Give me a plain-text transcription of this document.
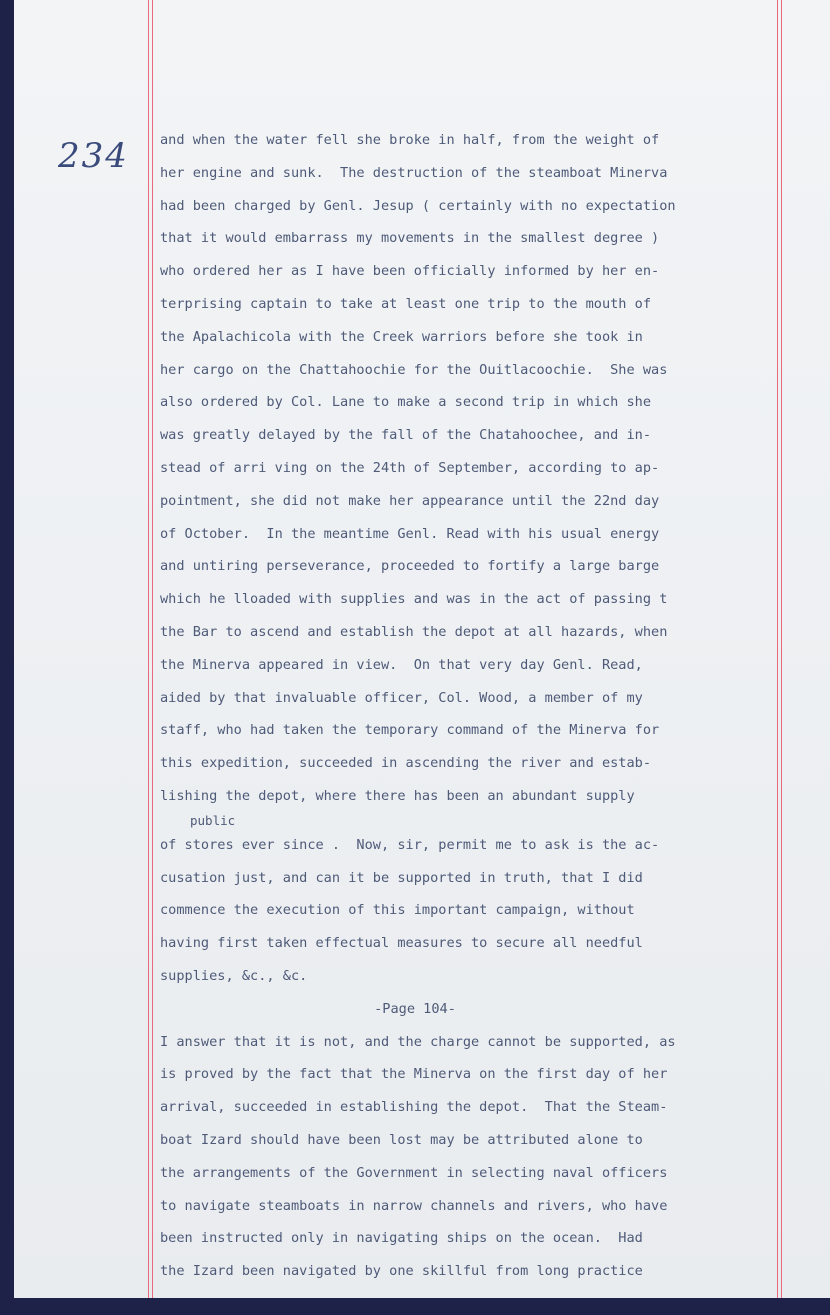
234 and when the water fell she broke in half, from the weight of
her engine and sunk.  The destruction of the steamboat Minerva
had been charged by Genl. Jesup ( certainly with no expectation
that it would embarrass my movements in the smallest degree )
who ordered her as I have been officially informed by her en-
terprising captain to take at least one trip to the mouth of
the Apalachicola with the Creek warriors before she took in
her cargo on the Chattahoochie for the Ouitlacoochie.  She was
also ordered by Col. Lane to make a second trip in which she
was greatly delayed by the fall of the Chatahoochee, and in-
stead of arri ving on the 24th of September, according to ap-
pointment, she did not make her appearance until the 22nd day
of October.  In the meantime Genl. Read with his usual energy
and untiring perseverance, proceeded to fortify a large barge
which he lloaded with supplies and was in the act of passing t
the Bar to ascend and establish the depot at all hazards, when
the Minerva appeared in view.  On that very day Genl. Read,
aided by that invaluable officer, Col. Wood, a member of my
staff, who had taken the temporary command of the Minerva for
this expedition, succeeded in ascending the river and estab-
lishing the depot, where there has been an abundant supply
public
of stores ever since .  Now, sir, permit me to ask is the ac-
cusation just, and can it be supported in truth, that I did
commence the execution of this important campaign, without
having first taken effectual measures to secure all needful
supplies, &c., &c.
-Page 104-
I answer that it is not, and the charge cannot be supported, as
is proved by the fact that the Minerva on the first day of her
arrival, succeeded in establishing the depot.  That the Steam-
boat Izard should have been lost may be attributed alone to
the arrangements of the Government in selecting naval officers
to navigate steamboats in narrow channels and rivers, who have
been instructed only in navigating ships on the ocean.  Had
the Izard been navigated by one skillful from long practice
